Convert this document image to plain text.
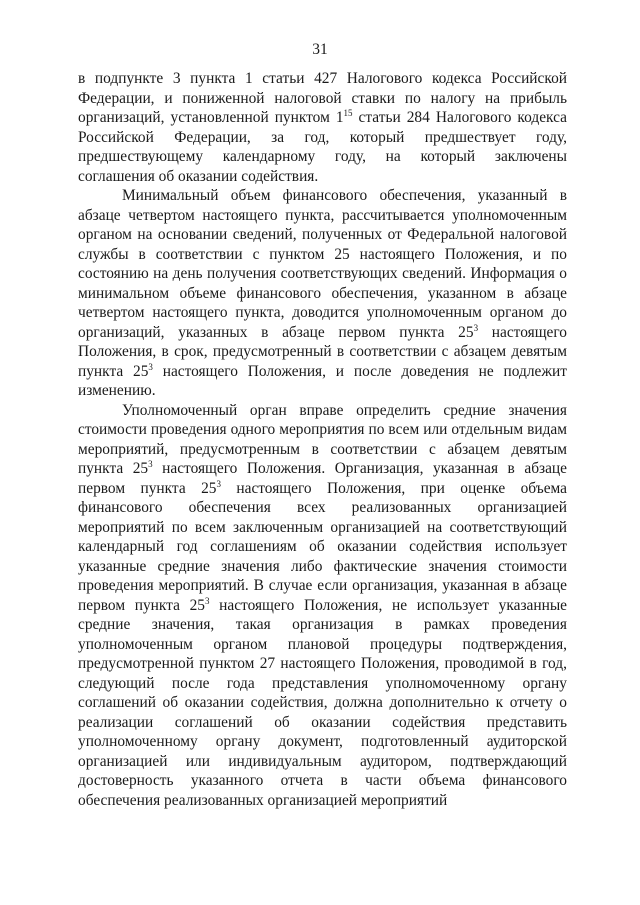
31

в подпункте 3 пункта 1 статьи 427 Налогового кодекса Российской Федерации, и пониженной налоговой ставки по налогу на прибыль организаций, установленной пунктом $1^{15}$ статьи 284 Налогового кодекса Российской Федерации, за год, который предшествует году, предшествующему календарному году, на который заключены соглашения об оказании содействия.

Минимальный объем финансового обеспечения, указанный в абзаце четвертом настоящего пункта, рассчитывается уполномоченным органом на основании сведений, полученных от Федеральной налоговой службы в соответствии с пунктом 25 настоящего Положения, и по состоянию на день получения соответствующих сведений. Информация о минимальном объеме финансового обеспечения, указанном в абзаце четвертом настоящего пункта, доводится уполномоченным органом до организаций, указанных в абзаце первом пункта $25^3$ настоящего Положения, в срок, предусмотренный в соответствии с абзацем девятым пункта $25^3$ настоящего Положения, и после доведения не подлежит изменению.

Уполномоченный орган вправе определить средние значения стоимости проведения одного мероприятия по всем или отдельным видам мероприятий, предусмотренным в соответствии с абзацем девятым пункта $25^3$ настоящего Положения. Организация, указанная в абзаце первом пункта $25^3$ настоящего Положения, при оценке объема финансового обеспечения всех реализованных организацией мероприятий по всем заключенным организацией на соответствующий календарный год соглашениям об оказании содействия использует указанные средние значения либо фактические значения стоимости проведения мероприятий. В случае если организация, указанная в абзаце первом пункта $25^3$ настоящего Положения, не использует указанные средние значения, такая организация в рамках проведения уполномоченным органом плановой процедуры подтверждения, предусмотренной пунктом 27 настоящего Положения, проводимой в год, следующий после года представления уполномоченному органу соглашений об оказании содействия, должна дополнительно к отчету о реализации соглашений об оказании содействия представить уполномоченному органу документ, подготовленный аудиторской организацией или индивидуальным аудитором, подтверждающий достоверность указанного отчета в части объема финансового обеспечения реализованных организацией мероприятий
